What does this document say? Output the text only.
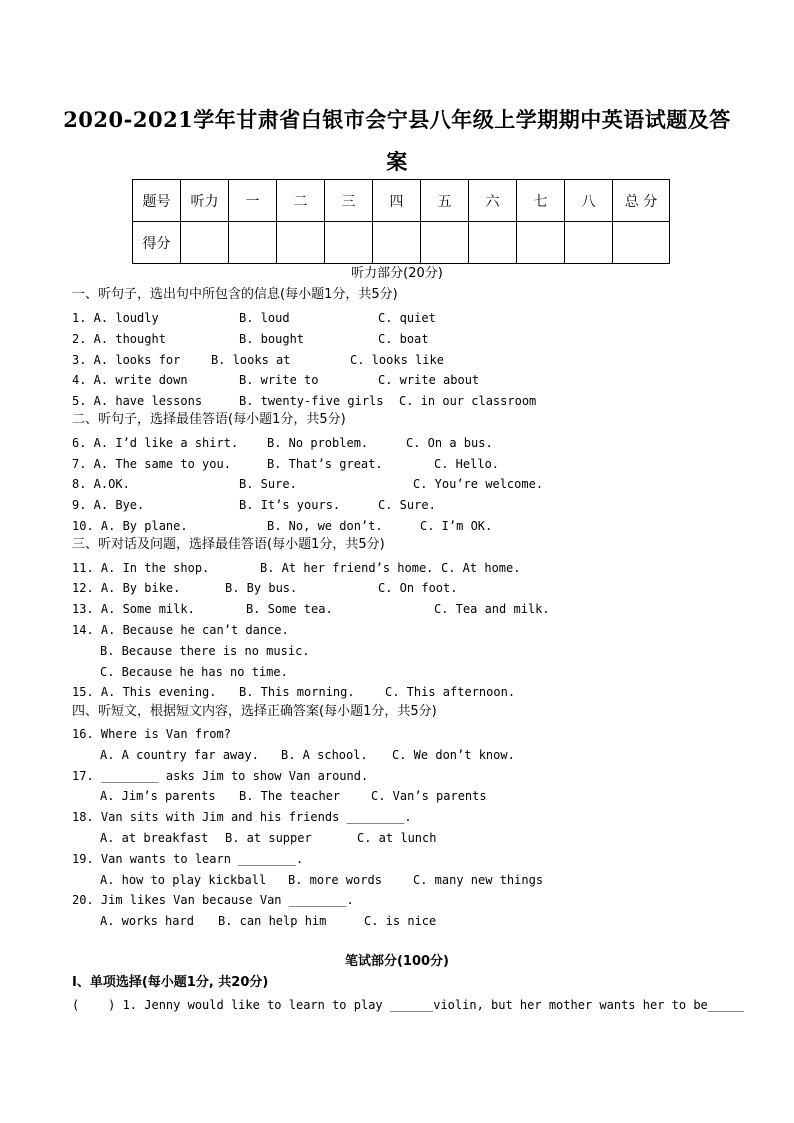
2020-2021学年甘肃省白银市会宁县八年级上学期期中英语试题及答
案
题号	听力	一	二	三	四	五	六	七	八	总 分
得分										
听力部分(20分)
一、听句子，选出句中所包含的信息(每小题1分，共5分)
1. A. loudly	B. loud	C. quiet
2. A. thought	B. bought	C. boat
3. A. looks for	B. looks at	C. looks like
4. A. write down	B. write to	C. write about
5. A. have lessons	B. twenty-five girls C. in our classroom
二、听句子，选择最佳答语(每小题1分，共5分)
6. A. I’d like a shirt. B. No problem.	C. On a bus.
7. A. The same to you.	B. That’s great.	C. Hello.
8. A.OK.	B. Sure.	C. You’re welcome.
9. A. Bye.	B. It’s yours.	C. Sure.
10. A. By plane.	B. No, we don’t.	C. I’m OK.
三、听对话及问题，选择最佳答语(每小题1分，共5分)
11. A. In the shop.	B. At her friend’s home. C. At home.
12. A. By bike.	B. By bus.	C. On foot.
13. A. Some milk.	B. Some tea.	C. Tea and milk.
14. A. Because he can’t dance.
B. Because there is no music.
C. Because he has no time.
15. A. This evening. B. This morning.	C. This afternoon.
四、听短文，根据短文内容，选择正确答案(每小题1分，共5分)
16. Where is Van from?
A. A country far away. B. A school. C. We don’t know.
17. ________ asks Jim to show Van around.
A. Jim’s parents B. The teacher	C. Van’s parents
18. Van sits with Jim and his friends ________.
A. at breakfast B. at supper	C. at lunch
19. Van wants to learn ________.
A. how to play kickball B. more words	C. many new things
20. Jim likes Van because Van ________.
A. works hard B. can help him	C. is nice
笔试部分(100分)
I、单项选择(每小题1分, 共20分)
(    ) 1. Jenny would like to learn to play ______violin, but her mother wants her to be_____
